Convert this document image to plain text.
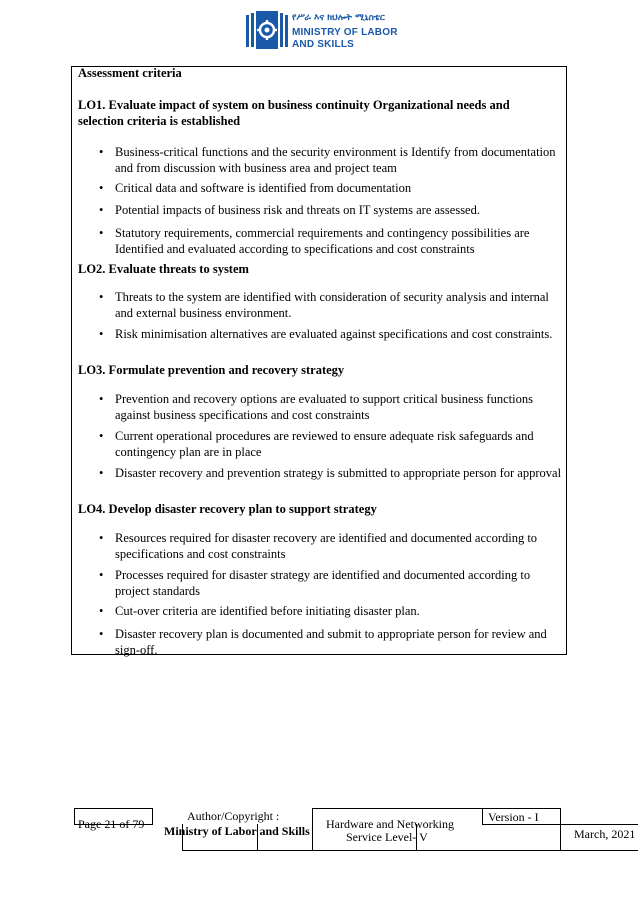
የሥራ እና ክህሎት ሚኒስቴር
MINISTRY OF LABOR
AND SKILLS
Assessment criteria
LO1. Evaluate impact of system on business continuity Organizational needs and selection criteria is established
• Business-critical functions and the security environment is Identify from documentation and from discussion with business area and project team
• Critical data and software is identified from documentation
• Potential impacts of business risk and threats on IT systems are assessed.
• Statutory requirements, commercial requirements and contingency possibilities are Identified and evaluated according to specifications and cost constraints
LO2. Evaluate threats to system
• Threats to the system are identified with consideration of security analysis and internal and external business environment.
• Risk minimisation alternatives are evaluated against specifications and cost constraints.
LO3. Formulate prevention and recovery strategy
• Prevention and recovery options are evaluated to support critical business functions against business specifications and cost constraints
• Current operational procedures are reviewed to ensure adequate risk safeguards and contingency plan are in place
• Disaster recovery and prevention strategy is submitted to appropriate person for approval
LO4. Develop disaster recovery plan to support strategy
• Resources required for disaster recovery are identified and documented according to specifications and cost constraints
• Processes required for disaster strategy are identified and documented according to project standards
• Cut-over criteria are identified before initiating disaster plan.
• Disaster recovery plan is documented and submit to appropriate person for review and sign-off.
Page 21 of 79
Author/Copyright :
Ministry of Labor and Skills Hardware and Networking
Service Level- V
Version - I
March, 2021
